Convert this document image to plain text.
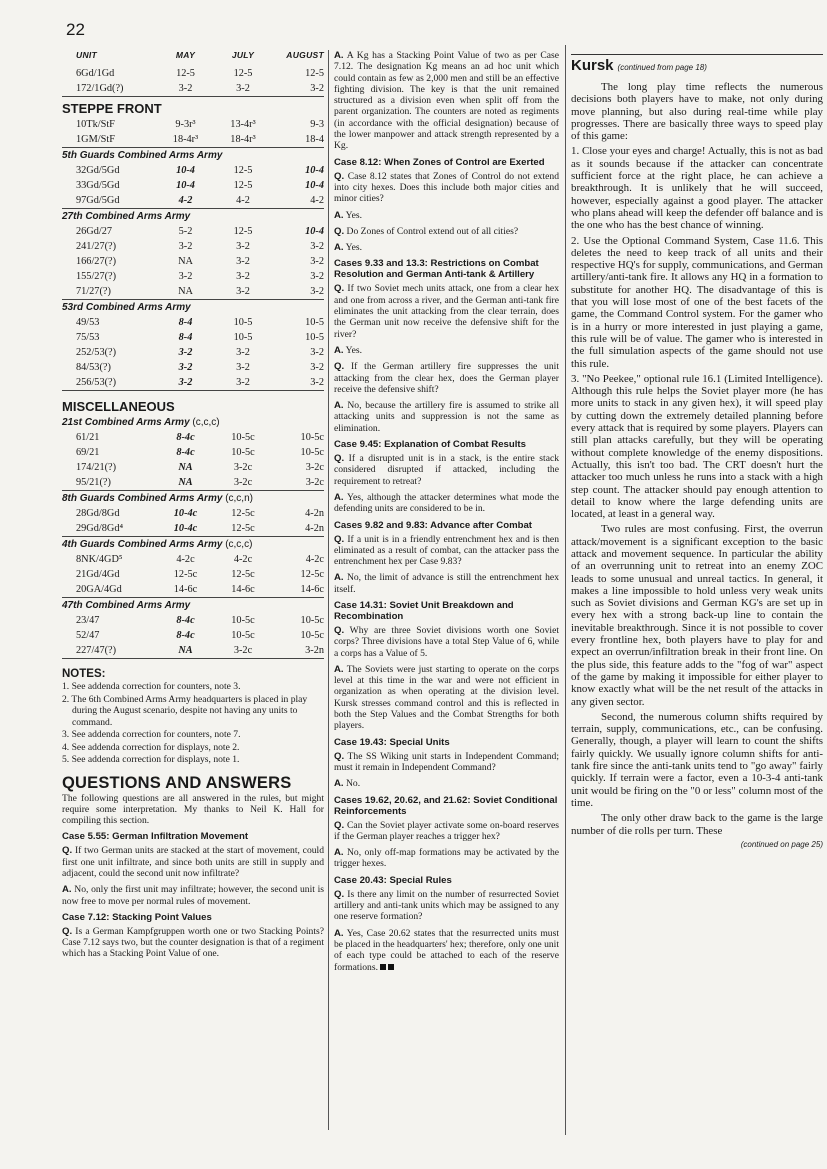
22
UNIT	MAY	JULY	AUGUST
6Gd/1Gd	12-5	12-5	12-5
172/1Gd(?)	3-2	3-2	3-2
STEPPE FRONT
10Tk/StF	9-3r³	13-4r³	9-3
1GM/StF	18-4r³	18-4r³	18-4
5th Guards Combined Arms Army
32Gd/5Gd	10-4	12-5	10-4
33Gd/5Gd	10-4	12-5	10-4
97Gd/5Gd	4-2	4-2	4-2
27th Combined Arms Army
26Gd/27	5-2	12-5	10-4
241/27(?)	3-2	3-2	3-2
166/27(?)	NA	3-2	3-2
155/27(?)	3-2	3-2	3-2
71/27(?)	NA	3-2	3-2
53rd Combined Arms Army
49/53	8-4	10-5	10-5
75/53	8-4	10-5	10-5
252/53(?)	3-2	3-2	3-2
84/53(?)	3-2	3-2	3-2
256/53(?)	3-2	3-2	3-2
MISCELLANEOUS
21st Combined Arms Army (c,c,c)
61/21	8-4c	10-5c	10-5c
69/21	8-4c	10-5c	10-5c
174/21(?)	NA	3-2c	3-2c
95/21(?)	NA	3-2c	3-2c
8th Guards Combined Arms Army (c,c,n)
28Gd/8Gd	10-4c	12-5c	4-2n
29Gd/8Gd⁴	10-4c	12-5c	4-2n
4th Guards Combined Arms Army (c,c,c)
8NK/4GD⁵	4-2c	4-2c	4-2c
21Gd/4Gd	12-5c	12-5c	12-5c
20GA/4Gd	14-6c	14-6c	14-6c
47th Combined Arms Army
23/47	8-4c	10-5c	10-5c
52/47	8-4c	10-5c	10-5c
227/47(?)	NA	3-2c	3-2n
NOTES:
1. See addenda correction for counters, note 3.
2. The 6th Combined Arms Army headquarters is placed in play during the August scenario, despite not having any units to command.
3. See addenda correction for counters, note 7.
4. See addenda correction for displays, note 2.
5. See addenda correction for displays, note 1.
QUESTIONS AND ANSWERS
The following questions are all answered in the rules, but might require some interpretation. My thanks to Neil K. Hall for compiling this section.
Case 5.55: German Infiltration Movement
Q. If two German units are stacked at the start of movement, could first one unit infiltrate, and since both units are still in supply and adjacent, could the second unit now infiltrate?
A. No, only the first unit may infiltrate; however, the second unit is now free to move per normal rules of movement.
Case 7.12: Stacking Point Values
Q. Is a German Kampfgruppen worth one or two Stacking Points? Case 7.12 says two, but the counter designation is that of a regiment which has a Stacking Point Value of one.
A. A Kg has a Stacking Point Value of two as per Case 7.12. The designation Kg means an ad hoc unit which could contain as few as 2,000 men and still be an effective fighting division. The key is that the unit remained structured as a division even when split off from the parent organization. The counters are noted as regiments (in accordance with the official designation) because of the lower manpower and attack strength represented by a Kg.
Case 8.12: When Zones of Control are Exerted
Q. Case 8.12 states that Zones of Control do not extend into city hexes. Does this include both major cities and minor cities?
A. Yes.
Q. Do Zones of Control extend out of all cities?
A. Yes.
Cases 9.33 and 13.3: Restrictions on Combat Resolution and German Anti-tank & Artillery
Q. If two Soviet mech units attack, one from a clear hex and one from across a river, and the German anti-tank fire eliminates the unit attacking from the clear terrain, does the German unit now receive the defensive shift for the river?
A. Yes.
Q. If the German artillery fire suppresses the unit attacking from the clear hex, does the German player receive the defensive shift?
A. No, because the artillery fire is assumed to strike all attacking units and suppression is not the same as elimination.
Case 9.45: Explanation of Combat Results
Q. If a disrupted unit is in a stack, is the entire stack considered disrupted if attacked, including the requirement to retreat?
A. Yes, although the attacker determines what mode the defending units are considered to be in.
Cases 9.82 and 9.83: Advance after Combat
Q. If a unit is in a friendly entrenchment hex and is then eliminated as a result of combat, can the attacker pass the entrenchment hex per Case 9.83?
A. No, the limit of advance is still the entrenchment hex itself.
Case 14.31: Soviet Unit Breakdown and Recombination
Q. Why are three Soviet divisions worth one Soviet corps? Three divisions have a total Step Value of 6, while a corps has a Value of 5.
A. The Soviets were just starting to operate on the corps level at this time in the war and were not efficient in organization as when operating at the division level. Kursk stresses command control and this is reflected in both the Step Values and the Combat Strengths for both players.
Case 19.43: Special Units
Q. The SS Wiking unit starts in Independent Command; must it remain in Independent Command?
A. No.
Cases 19.62, 20.62, and 21.62: Soviet Conditional Reinforcements
Q. Can the Soviet player activate some on-board reserves if the German player reaches a trigger hex?
A. No, only off-map formations may be activated by the trigger hexes.
Case 20.43: Special Rules
Q. Is there any limit on the number of resurrected Soviet artillery and anti-tank units which may be assigned to any one reserve formation?
A. Yes, Case 20.62 states that the resurrected units must be placed in the headquarters' hex; therefore, only one unit of each type could be attached to each of the reserve formations.
Kursk (continued from page 18)
The long play time reflects the numerous decisions both players have to make, not only during move planning, but also during real-time while play progresses. There are basically three ways to speed play of this game:
1. Close your eyes and charge! Actually, this is not as bad as it sounds because if the attacker can concentrate sufficient force at the right place, he can achieve a breakthrough. It is unlikely that he will succeed, however, especially against a good player. The attacker who plans ahead will keep the defender off balance and is the one who has the best chance of winning.
2. Use the Optional Command System, Case 11.6. This deletes the need to keep track of all units and their respective HQ's for supply, communications, and German artillery/anti-tank fire. It allows any HQ in a formation to substitute for another HQ. The disadvantage of this is that you will lose most of one of the best facets of the game, the Command Control system. For the gamer who is in a hurry or more interested in just playing a game, this rule will be of value. The gamer who is interested in the full simulation aspects of the game should not use this rule.
3. "No Peekee," optional rule 16.1 (Limited Intelligence). Although this rule helps the Soviet player more (he has more units to stack in any given hex), it will speed play by cutting down the extremely detailed planning before every attack that is required by some players. Players can still plan attacks carefully, but they will be operating without complete knowledge of the enemy dispositions. Actually, this isn't too bad. The CRT doesn't hurt the attacker too much unless he runs into a stack with a high step count. The attacker should pay enough attention to detail to know where the large defending units are located, at least in a general way.
Two rules are most confusing. First, the overrun attack/movement is a significant exception to the basic attack and movement sequence. In particular the ability of an overrunning unit to retreat into an enemy ZOC leads to some unusual and unreal tactics. In general, it makes a line impossible to hold unless very weak units such as Soviet divisions and German KG's are set up in every hex with a strong back-up line to contain the inevitable breakthrough. Since it is not possible to cover every frontline hex, both players have to play for and expect an overrun/infiltration break in their front line. On the plus side, this feature adds to the "fog of war" aspect of the game by making it impossible for either player to know exactly what will be the net result of the attacks in any given sector.
Second, the numerous column shifts required by terrain, supply, communications, etc., can be confusing. Generally, though, a player will learn to count the shifts fairly quickly. We usually ignore column shifts for anti-tank fire since the anti-tank units tend to "go away" fairly quickly. If terrain were a factor, even a 10-3-4 anti-tank unit would be firing on the "0 or less" column most of the time.
The only other draw back to the game is the large number of die rolls per turn. These
(continued on page 25)
